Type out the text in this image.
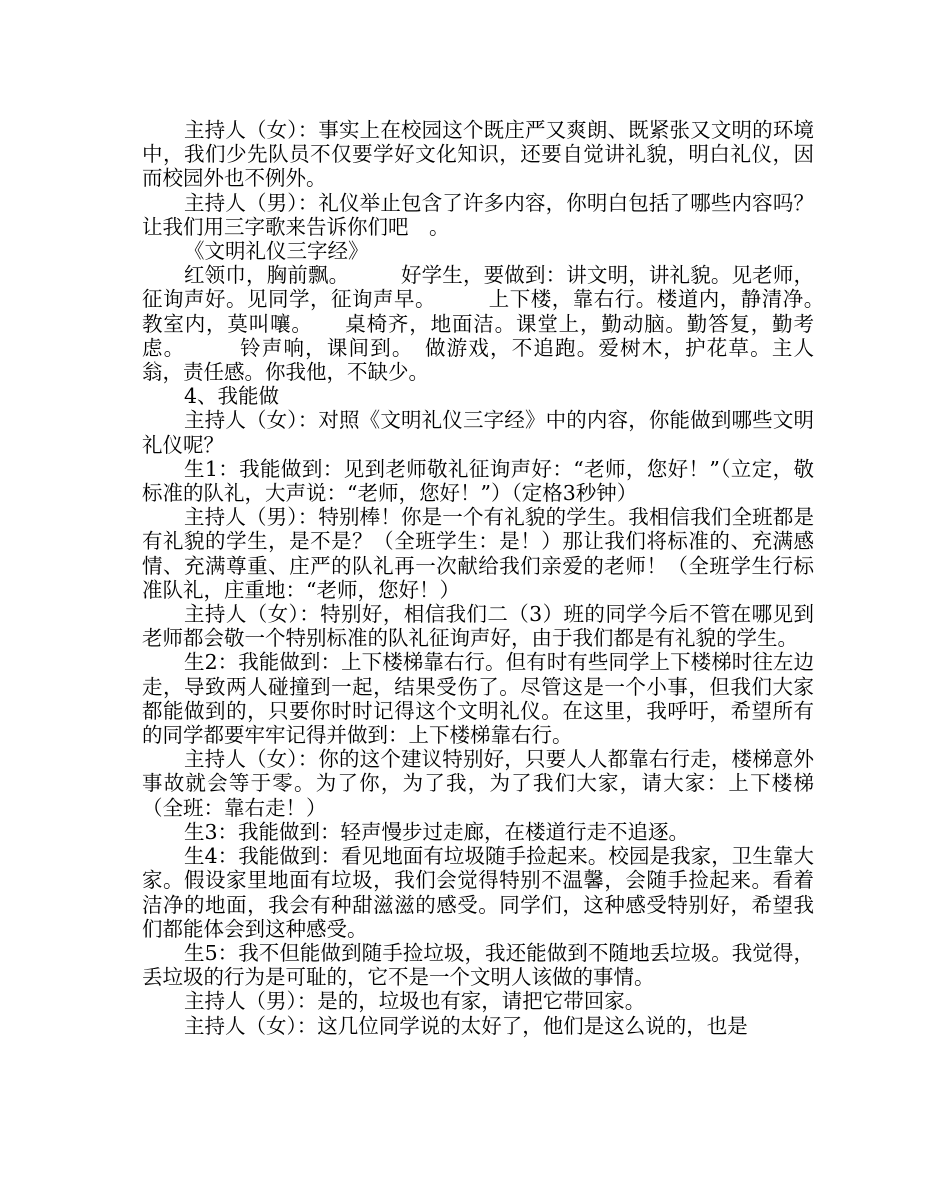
主持人（女）：事实上在校园这个既庄严又爽朗、既紧张又文明的环境中，我们少先队员不仅要学好文化知识，还要自觉讲礼貌，明白礼仪，因而校园外也不例外。

主持人（男）：礼仪举止包含了许多内容，你明白包括了哪些内容吗？让我们用三字歌来告诉你们吧　。

《文明礼仪三字经》

红领巾，胸前飘。　　　好学生，要做到：讲文明，讲礼貌。见老师，征询声好。见同学，征询声早。　　　上下楼，靠右行。楼道内，静清净。　教室内，莫叫嚷。　　桌椅齐，地面洁。课堂上，勤动脑。勤答复，勤考虑。　　　铃声响，课间到。　做游戏，不追跑。爱树木，护花草。主人翁，责任感。你我他，不缺少。

4、我能做

主持人（女）：对照《文明礼仪三字经》中的内容，你能做到哪些文明礼仪呢？

生1：我能做到：见到老师敬礼征询声好：“老师，您好！”（立定，敬标准的队礼，大声说：“老师，您好！”）（定格3秒钟）

主持人（男）：特别棒！你是一个有礼貌的学生。我相信我们全班都是有礼貌的学生，是不是？（全班学生：是！）那让我们将标准的、充满感情、充满尊重、庄严的队礼再一次献给我们亲爱的老师！（全班学生行标准队礼，庄重地：“老师，您好！）

主持人（女）：特别好，相信我们二（3）班的同学今后不管在哪见到老师都会敬一个特别标准的队礼征询声好，由于我们都是有礼貌的学生。

生2：我能做到：上下楼梯靠右行。但有时有些同学上下楼梯时往左边走，导致两人碰撞到一起，结果受伤了。尽管这是一个小事，但我们大家都能做到的，只要你时时记得这个文明礼仪。在这里，我呼吁，希望所有的同学都要牢牢记得并做到：上下楼梯靠右行。

主持人（女）：你的这个建议特别好，只要人人都靠右行走，楼梯意外事故就会等于零。为了你，为了我，为了我们大家，请大家：上下楼梯（全班：靠右走！）

生3：我能做到：轻声慢步过走廊，在楼道行走不追逐。

生4：我能做到：看见地面有垃圾随手捡起来。校园是我家，卫生靠大家。假设家里地面有垃圾，我们会觉得特别不温馨，会随手捡起来。看着洁净的地面，我会有种甜滋滋的感受。同学们，这种感受特别好，希望我们都能体会到这种感受。

生5：我不但能做到随手捡垃圾，我还能做到不随地丢垃圾。我觉得，丢垃圾的行为是可耻的，它不是一个文明人该做的事情。

主持人（男）：是的，垃圾也有家，请把它带回家。

主持人（女）：这几位同学说的太好了，他们是这么说的，也是
